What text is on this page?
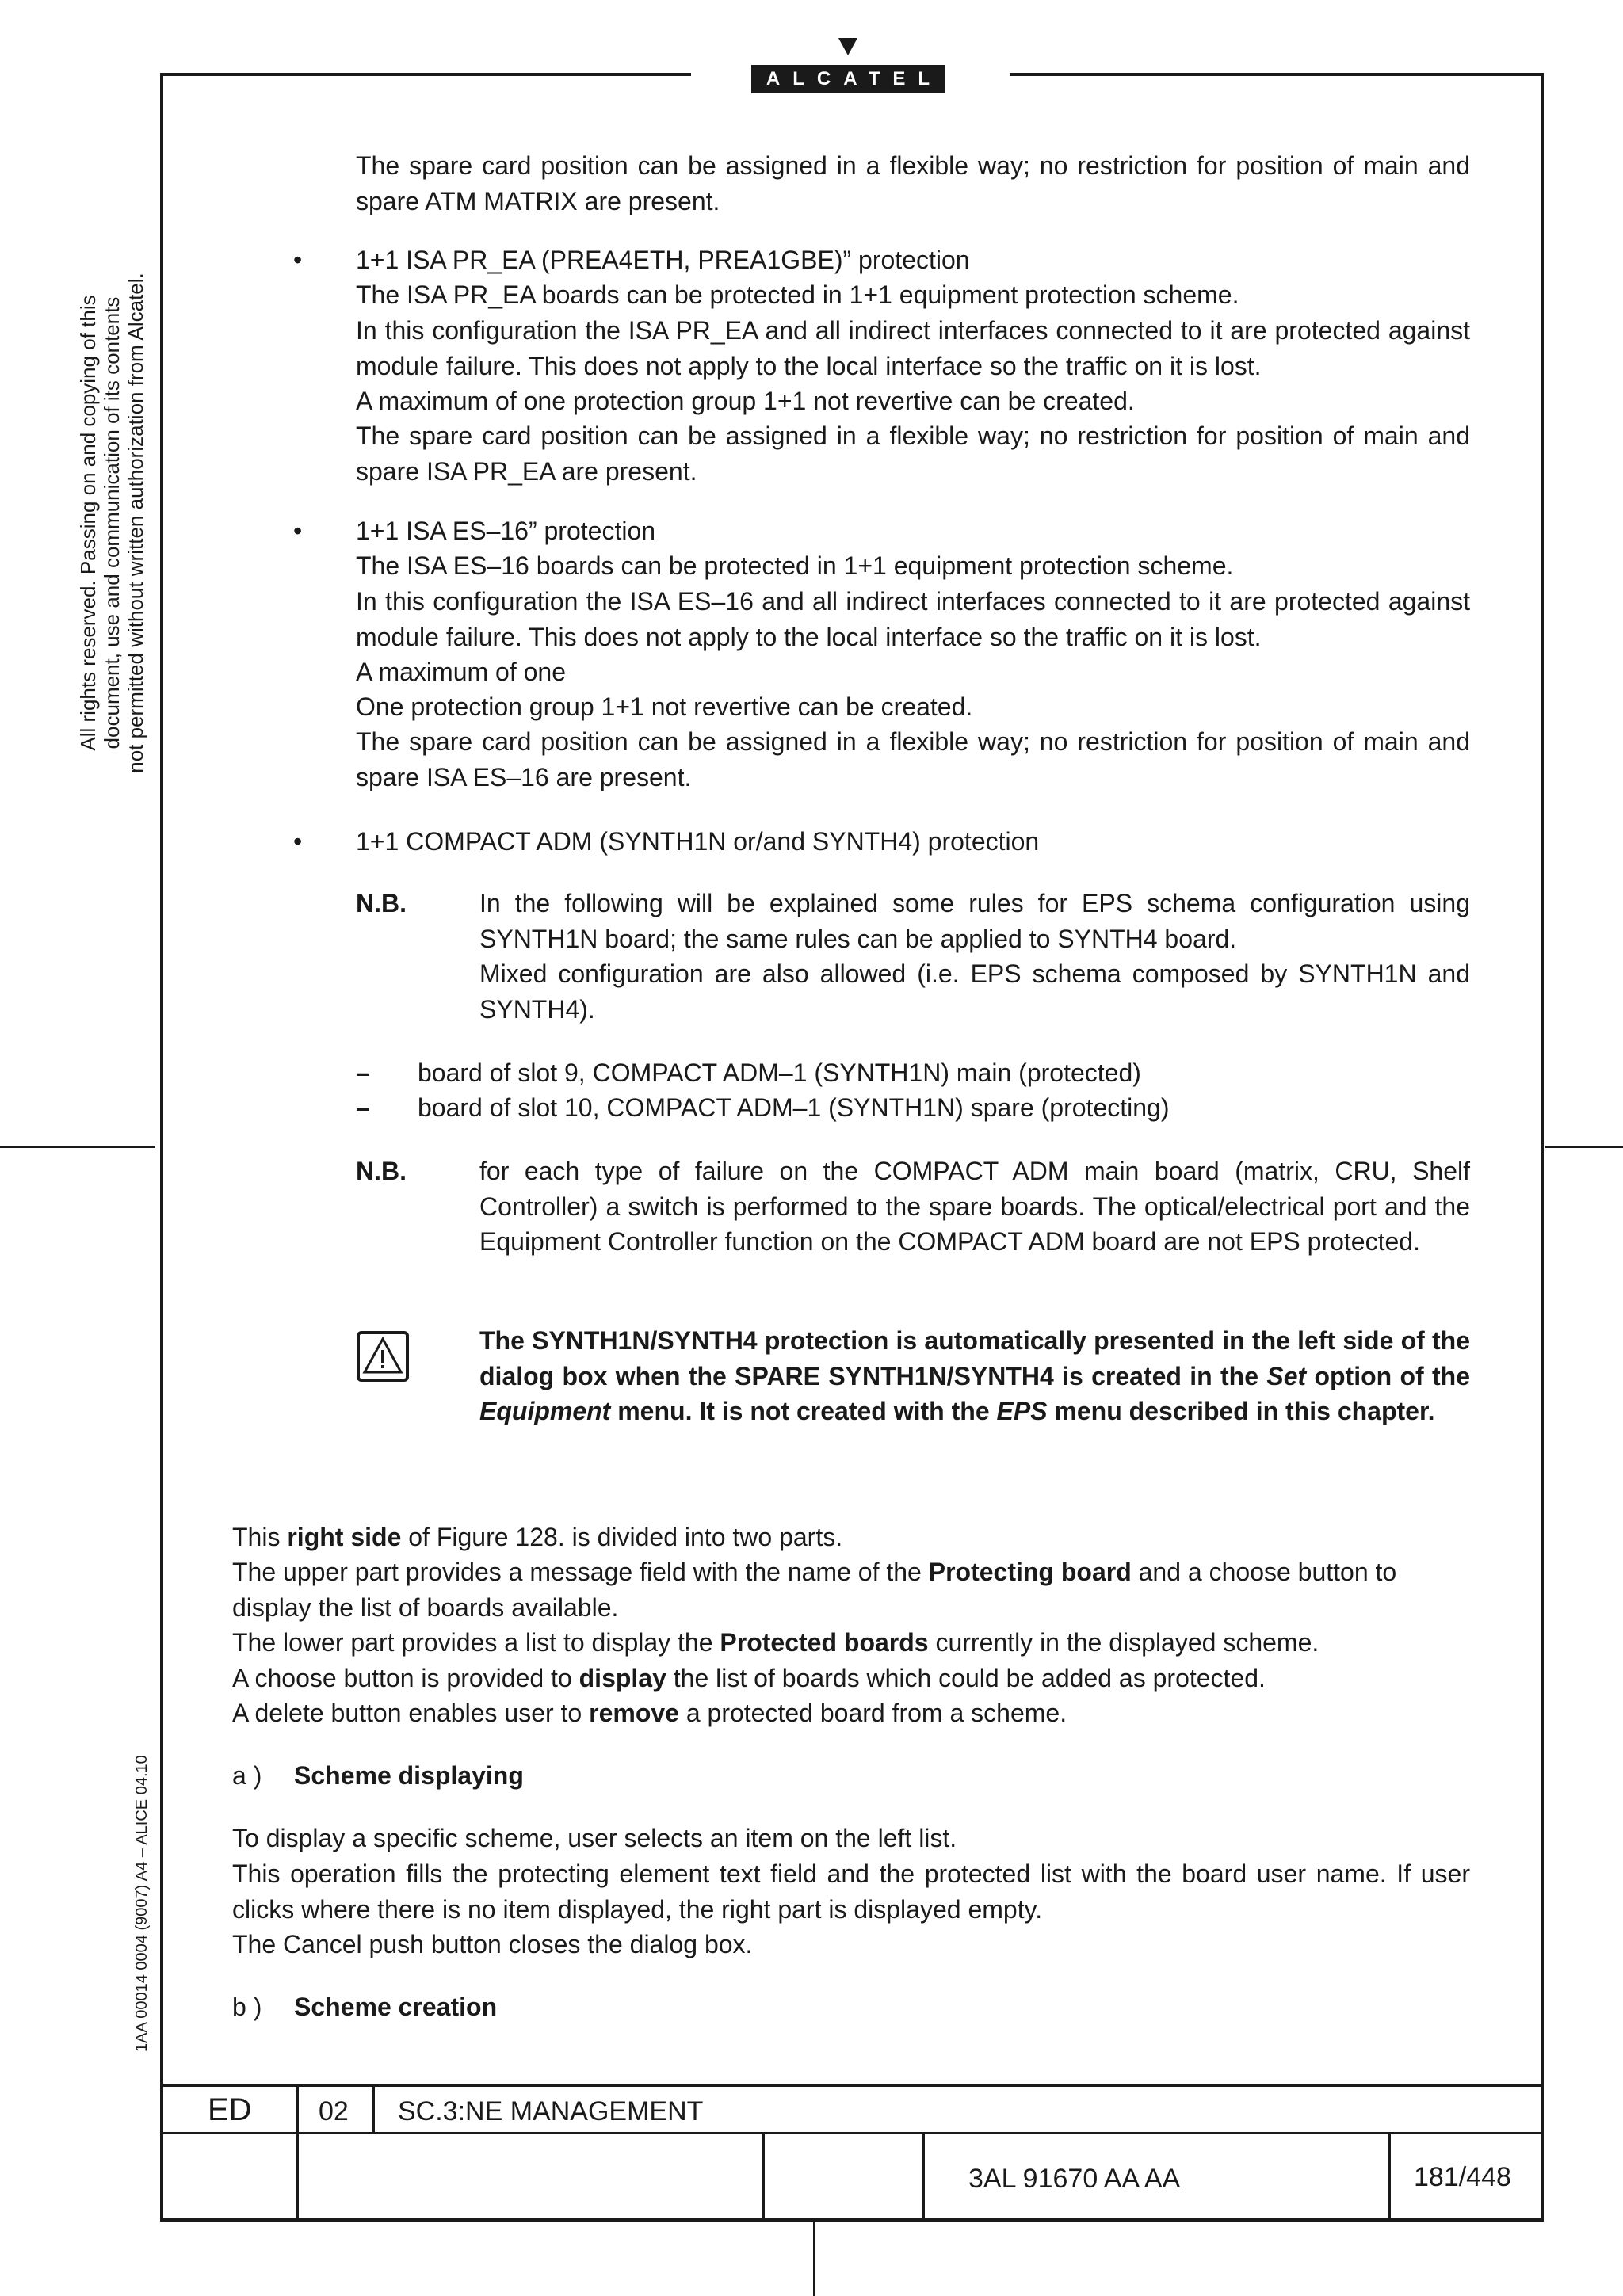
ALCATEL
All rights reserved. Passing on and copying of this document, use and communication of its contents not permitted without written authorization from Alcatel.
1AA 00014 0004 (9007) A4 – ALICE 04.10
The spare card position can be assigned in a flexible way; no restriction for position of main and spare ATM MATRIX are present.
• 1+1 ISA PR_EA (PREA4ETH, PREA1GBE)” protection
The ISA PR_EA boards can be protected in 1+1 equipment protection scheme.
In this configuration the ISA PR_EA and all indirect interfaces connected to it are protected against module failure. This does not apply to the local interface so the traffic on it is lost.
A maximum of one protection group 1+1 not revertive can be created.
The spare card position can be assigned in a flexible way; no restriction for position of main and spare ISA PR_EA are present.
• 1+1 ISA ES–16” protection
The ISA ES–16 boards can be protected in 1+1 equipment protection scheme.
In this configuration the ISA ES–16 and all indirect interfaces connected to it are protected against module failure. This does not apply to the local interface so the traffic on it is lost.
A maximum of one
One protection group 1+1 not revertive can be created.
The spare card position can be assigned in a flexible way; no restriction for position of main and spare ISA ES–16 are present.
• 1+1 COMPACT ADM (SYNTH1N or/and SYNTH4) protection
N.B.	In the following will be explained some rules for EPS schema configuration using SYNTH1N board; the same rules can be applied to SYNTH4 board.
Mixed configuration are also allowed (i.e. EPS schema composed by SYNTH1N and SYNTH4).
– board of slot 9, COMPACT ADM–1 (SYNTH1N) main (protected)
– board of slot 10, COMPACT ADM–1 (SYNTH1N) spare (protecting)
N.B.	for each type of failure on the COMPACT ADM main board (matrix, CRU, Shelf Controller) a switch is performed to the spare boards. The optical/electrical port and the Equipment Controller function on the COMPACT ADM board are not EPS protected.
The SYNTH1N/SYNTH4 protection is automatically presented in the left side of the dialog box when the SPARE SYNTH1N/SYNTH4 is created in the Set option of the Equipment menu. It is not created with the EPS menu described in this chapter.
This right side of Figure 128. is divided into two parts.
The upper part provides a message field with the name of the Protecting board and a choose button to display the list of boards available.
The lower part provides a list to display the Protected boards currently in the displayed scheme.
A choose button is provided to display the list of boards which could be added as protected.
A delete button enables user to remove a protected board from a scheme.
a ) Scheme displaying
To display a specific scheme, user selects an item on the left list.
This operation fills the protecting element text field and the protected list with the board user name. If user clicks where there is no item displayed, the right part is displayed empty.
The Cancel push button closes the dialog box.
b ) Scheme creation
ED 02 SC.3:NE MANAGEMENT
3AL 91670 AA AA	181/448
